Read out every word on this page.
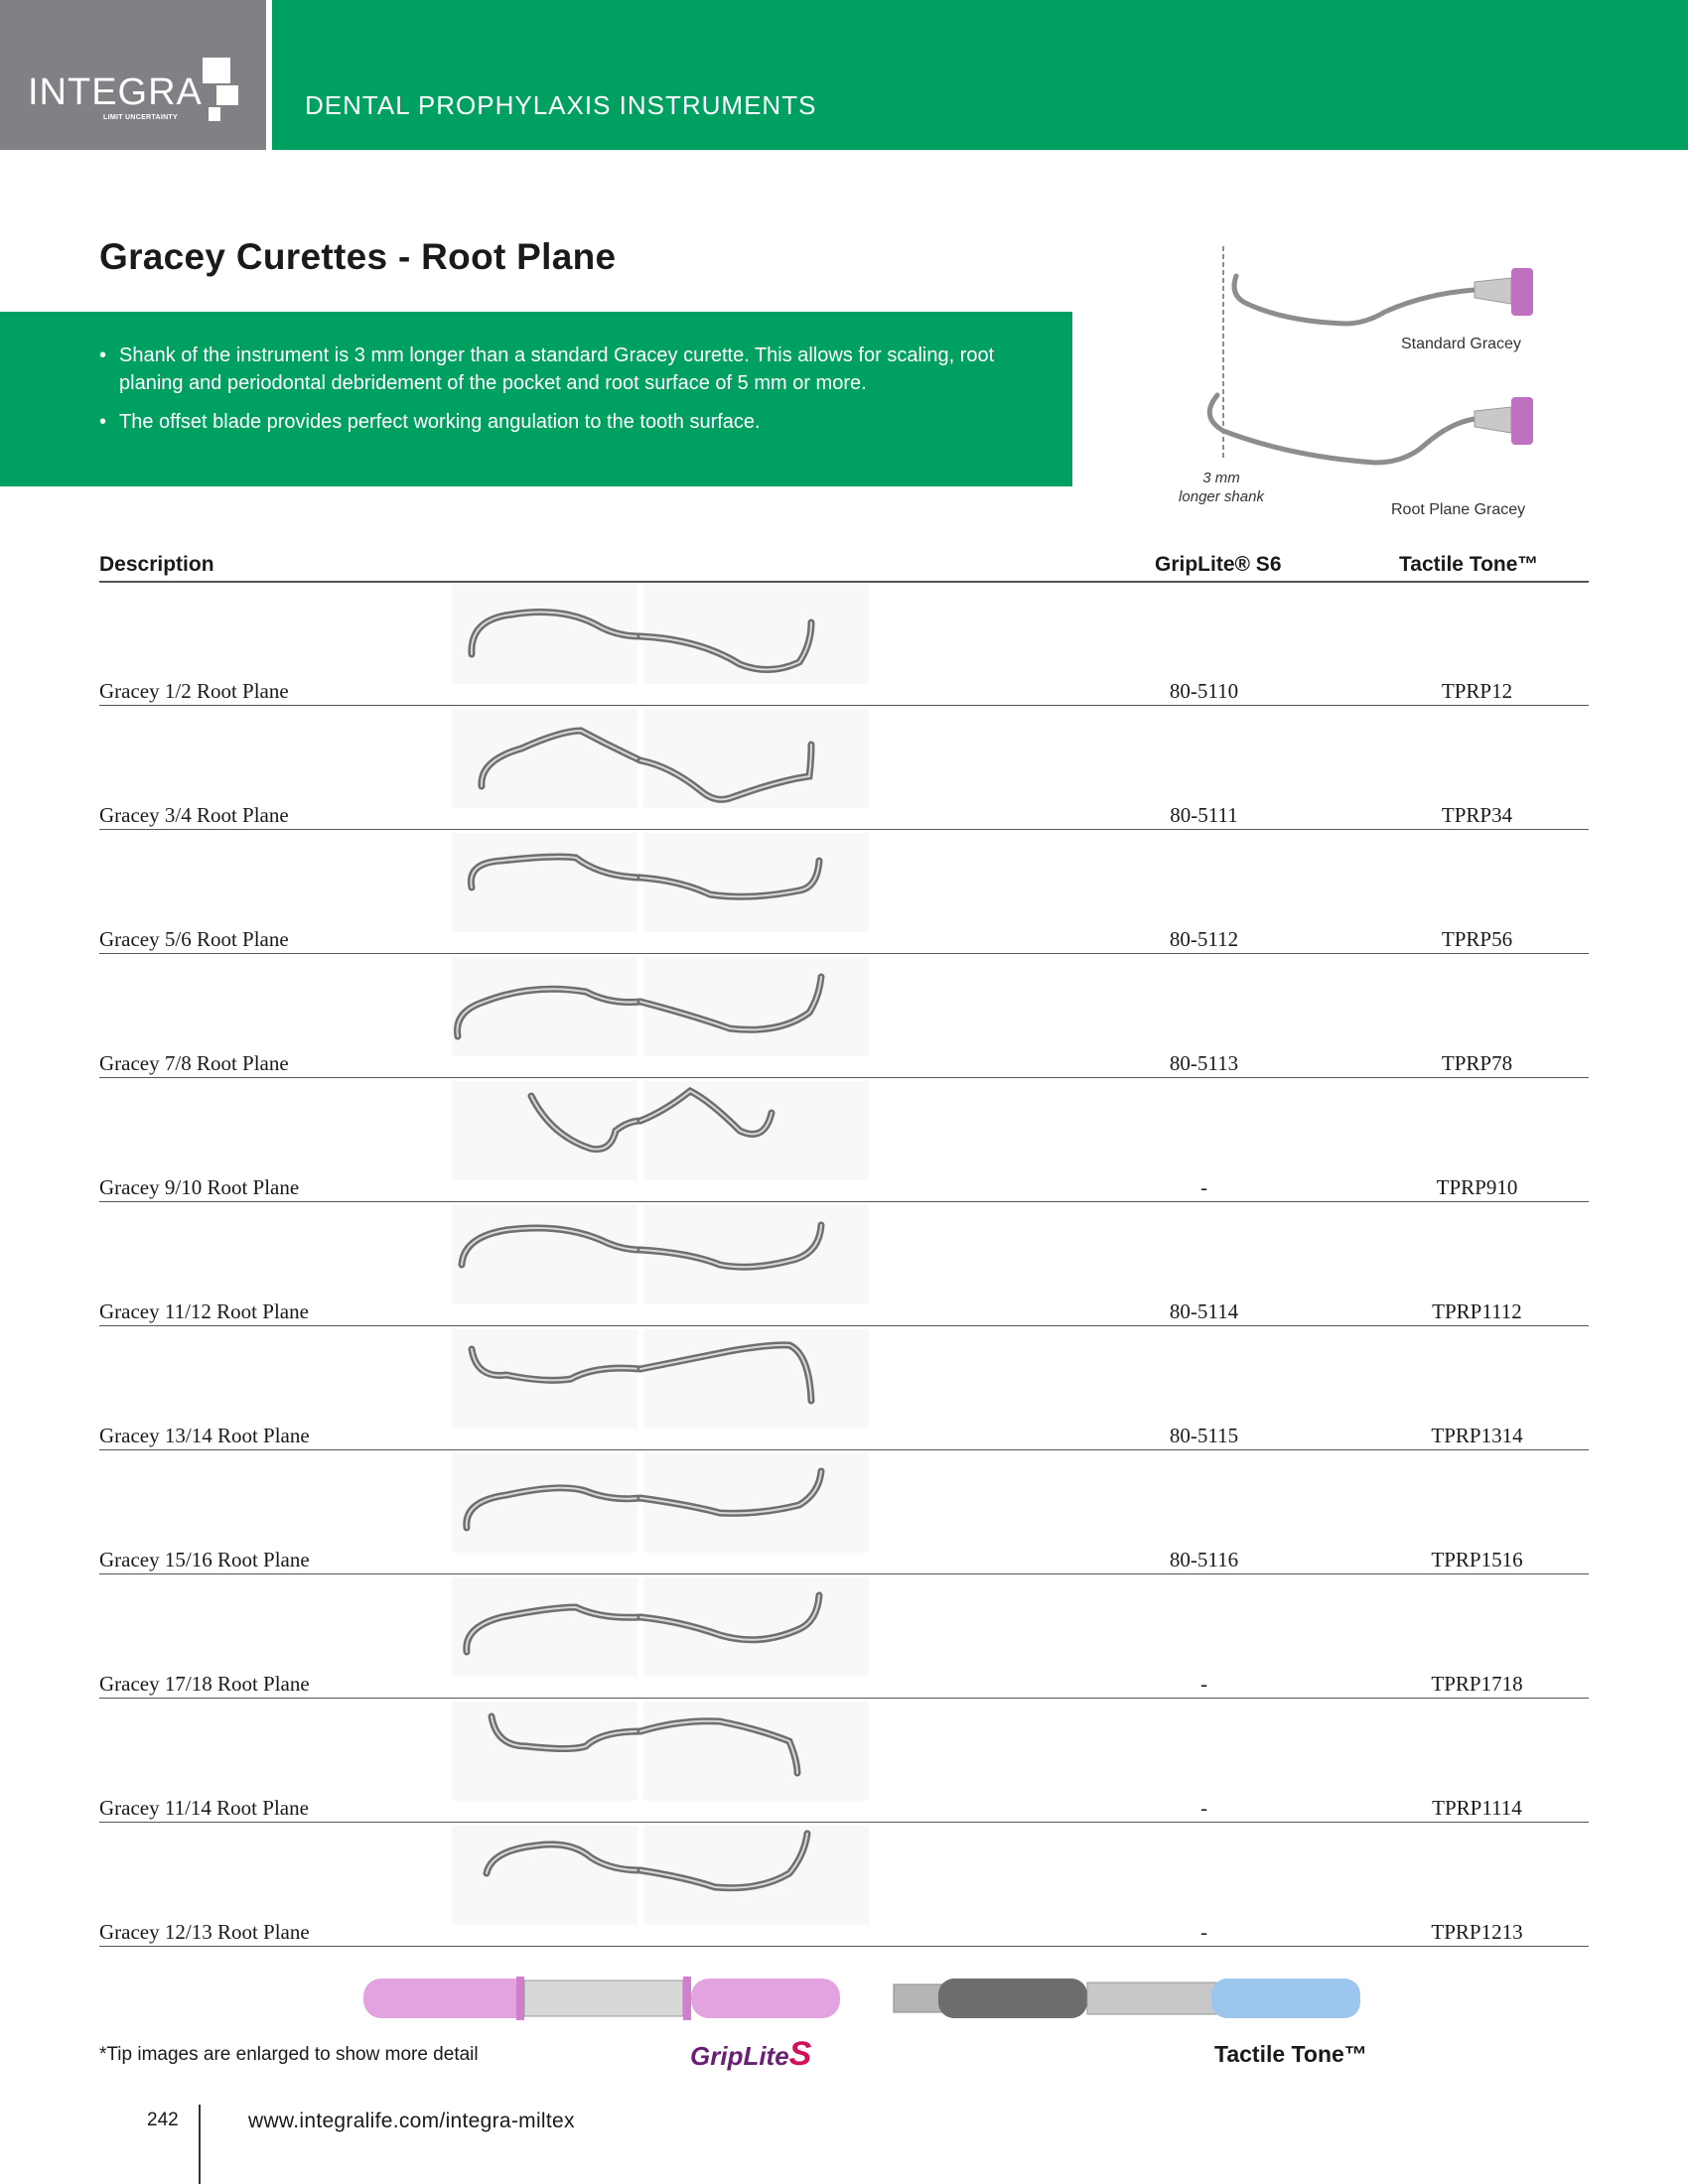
INTEGRA
LIMIT UNCERTAINTY	DENTAL PROPHYLAXIS INSTRUMENTS
Gracey Curettes - Root Plane
• Shank of the instrument is 3 mm longer than a standard Gracey curette. This allows for scaling, root planing and periodontal debridement of the pocket and root surface of 5 mm or more.
• The offset blade provides perfect working angulation to the tooth surface.
Standard Gracey
Root Plane Gracey
3 mm
longer shank
Description	GripLite® S6	Tactile Tone™
Gracey 1/2 Root Plane	80-5110	TPRP12
Gracey 3/4 Root Plane	80-5111	TPRP34
Gracey 5/6 Root Plane	80-5112	TPRP56
Gracey 7/8 Root Plane	80-5113	TPRP78
Gracey 9/10 Root Plane	-	TPRP910
Gracey 11/12 Root Plane	80-5114	TPRP1112
Gracey 13/14 Root Plane	80-5115	TPRP1314
Gracey 15/16 Root Plane	80-5116	TPRP1516
Gracey 17/18 Root Plane	-	TPRP1718
Gracey 11/14 Root Plane	-	TPRP1114
Gracey 12/13 Root Plane	-	TPRP1213
*Tip images are enlarged to show more detail	GripLiteS	Tactile Tone™
242	www.integralife.com/integra-miltex
